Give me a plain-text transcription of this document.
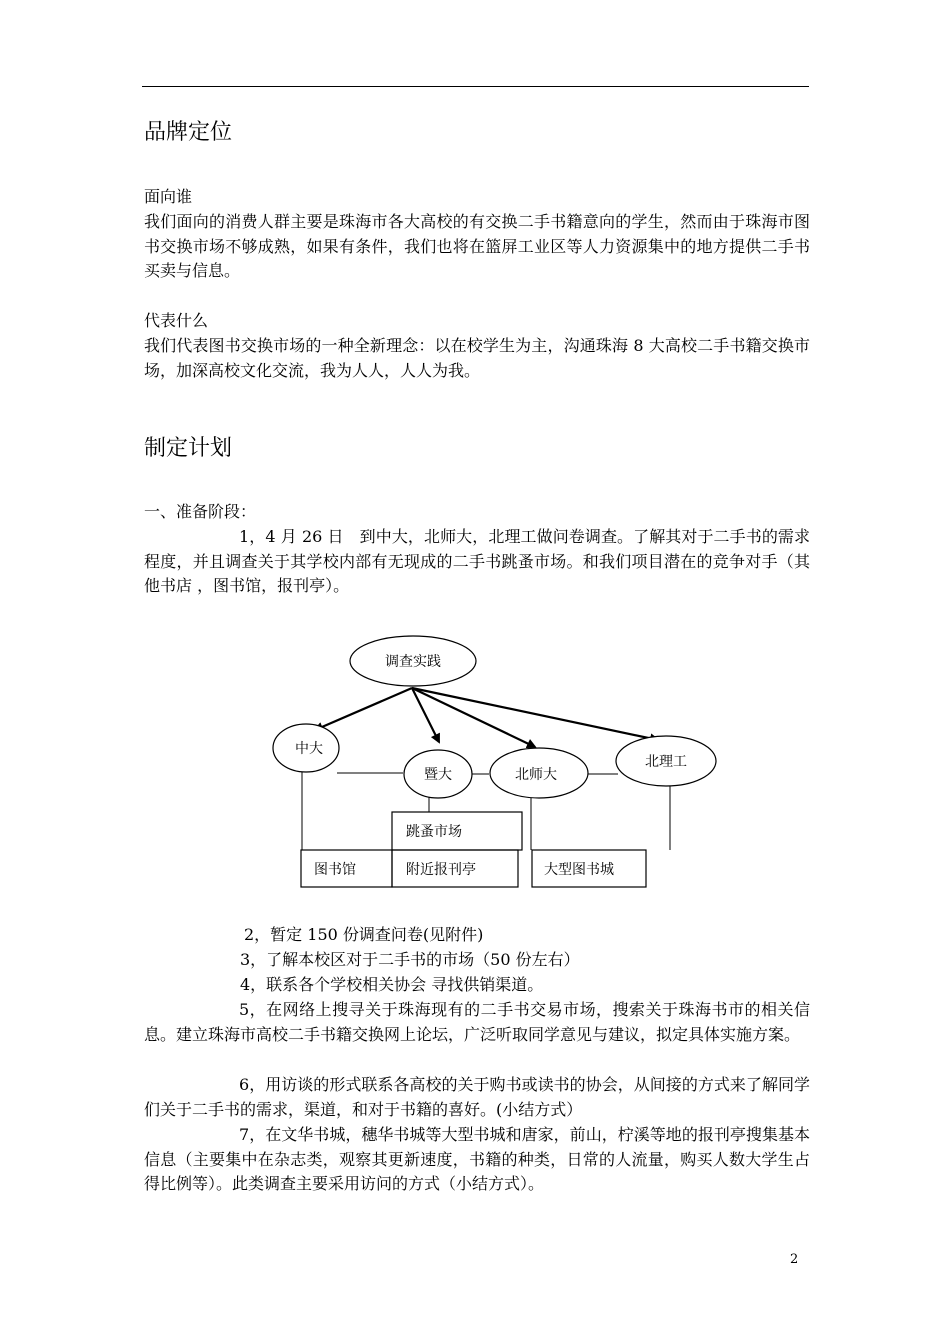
品牌定位
面向谁
我们面向的消费人群主要是珠海市各大高校的有交换二手书籍意向的学生，然而由于珠海市图书交换市场不够成熟，如果有条件，我们也将在篮屏工业区等人力资源集中的地方提供二手书买卖与信息。
代表什么
我们代表图书交换市场的一种全新理念：以在校学生为主，沟通珠海 8 大高校二手书籍交换市场，加深高校文化交流，我为人人，人人为我。
制定计划
一、准备阶段：
1，4 月 26 日　到中大，北师大，北理工做问卷调查。了解其对于二手书的需求程度，并且调查关于其学校内部有无现成的二手书跳蚤市场。和我们项目潜在的竞争对手（其他书店 ，图书馆，报刊亭）。
调查实践
中大
暨大	北师大
北理工
跳蚤市场
图书馆	附近报刊亭	大型图书城
2，暂定 150 份调查问卷(见附件)
3，了解本校区对于二手书的市场（50 份左右）
4，联系各个学校相关协会 寻找供销渠道。
5，在网络上搜寻关于珠海现有的二手书交易市场，搜索关于珠海书市的相关信息。建立珠海市高校二手书籍交换网上论坛，广泛听取同学意见与建议，拟定具体实施方案。
6，用访谈的形式联系各高校的关于购书或读书的协会，从间接的方式来了解同学们关于二手书的需求，渠道，和对于书籍的喜好。(小结方式）
7，在文华书城，穗华书城等大型书城和唐家，前山，柠溪等地的报刊亭搜集基本信息（主要集中在杂志类，观察其更新速度，书籍的种类，日常的人流量，购买人数大学生占得比例等）。此类调查主要采用访问的方式（小结方式）。
2
